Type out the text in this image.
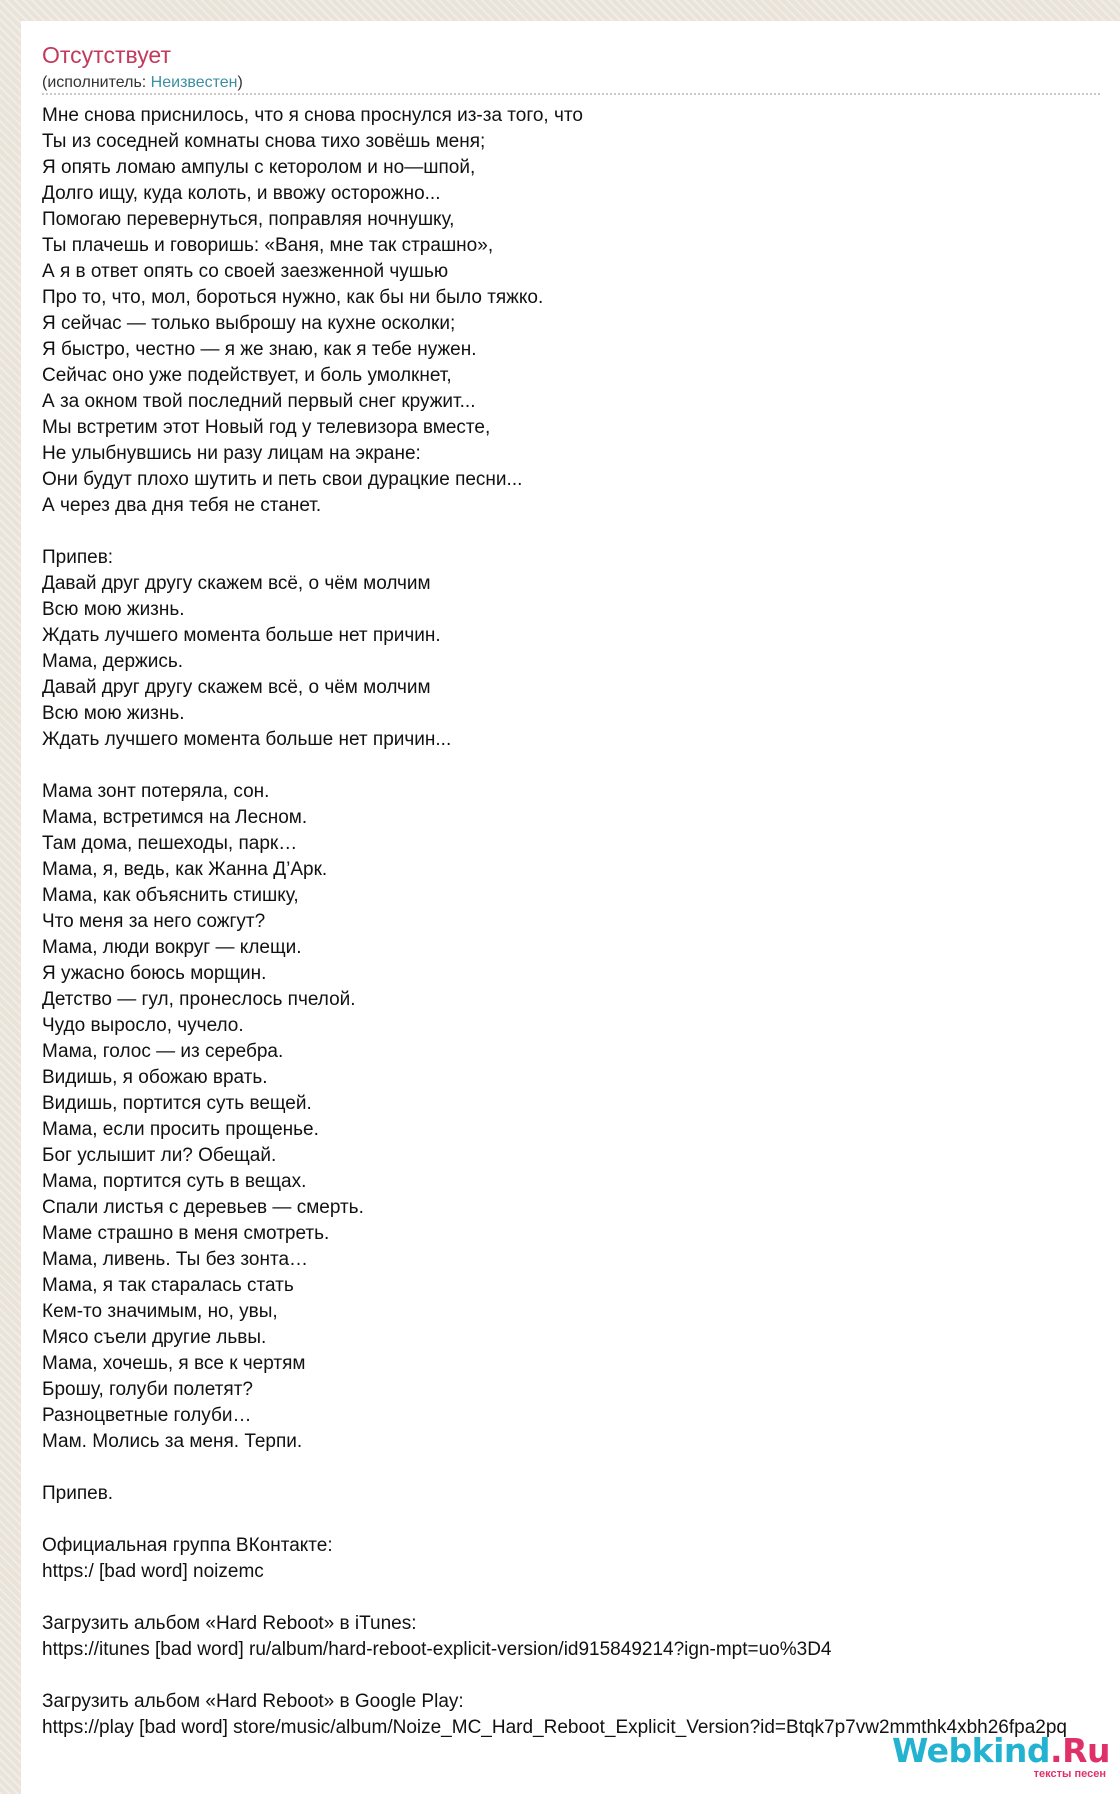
Отсутствует
(исполнитель: Неизвестен)
Мне снова приснилось, что я снова проснулся из-за того, что
Ты из соседней комнаты снова тихо зовёшь меня;
Я опять ломаю ампулы с кеторолом и но—шпой,
Долго ищу, куда колоть, и ввожу осторожно...
Помогаю перевернуться, поправляя ночнушку,
Ты плачешь и говоришь: «Ваня, мне так страшно»,
А я в ответ опять со своей заезженной чушью
Про то, что, мол, бороться нужно, как бы ни было тяжко.
Я сейчас — только выброшу на кухне осколки;
Я быстро, честно — я же знаю, как я тебе нужен.
Сейчас оно уже подействует, и боль умолкнет,
А за окном твой последний первый снег кружит...
Мы встретим этот Новый год у телевизора вместе,
Не улыбнувшись ни разу лицам на экране:
Они будут плохо шутить и петь свои дурацкие песни...
А через два дня тебя не станет.

Припев:
Давай друг другу скажем всё, о чём молчим
Всю мою жизнь.
Ждать лучшего момента больше нет причин.
Мама, держись.
Давай друг другу скажем всё, о чём молчим
Всю мою жизнь.
Ждать лучшего момента больше нет причин...

Мама зонт потеряла, сон.
Мама, встретимся на Лесном.
Там дома, пешеходы, парк…
Мама, я, ведь, как Жанна Д’Арк.
Мама, как объяснить стишку,
Что меня за него сожгут?
Мама, люди вокруг — клещи.
Я ужасно боюсь морщин.
Детство — гул, пронеслось пчелой.
Чудо выросло, чучело.
Мама, голос — из серебра.
Видишь, я обожаю врать.
Видишь, портится суть вещей.
Мама, если просить прощенье.
Бог услышит ли? Обещай.
Мама, портится суть в вещах.
Спали листья с деревьев — смерть.
Маме страшно в меня смотреть.
Мама, ливень. Ты без зонта…
Мама, я так старалась стать
Кем-то значимым, но, увы,
Мясо съели другие львы.
Мама, хочешь, я все к чертям
Брошу, голуби полетят?
Разноцветные голуби…
Мам. Молись за меня. Терпи.

Припев.

Официальная группа ВКонтакте:
https:/ [bad word] noizemc

Загрузить альбом «Hard Reboot» в iTunes:
https://itunes [bad word] ru/album/hard-reboot-explicit-version/id915849214?ign-mpt=uo%3D4

Загрузить альбом «Hard Reboot» в Google Play:
https://play [bad word] store/music/album/Noize_MC_Hard_Reboot_Explicit_Version?id=Btqk7p7vw2mmthk4xbh26fpa2pq
Webkind.Ru
тексты песен
